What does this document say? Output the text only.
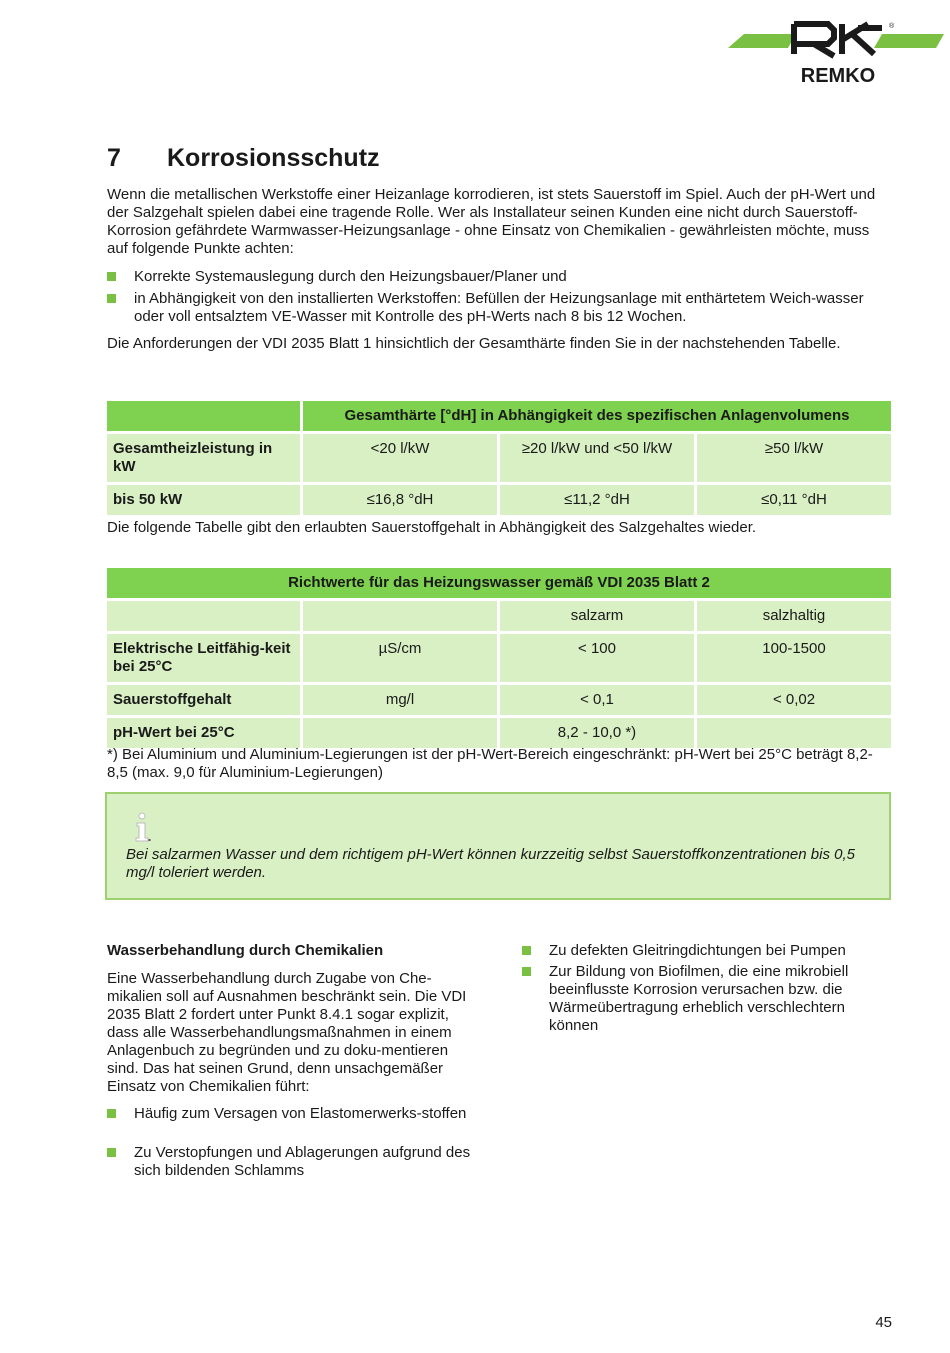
REMKO
®
7 Korrosionsschutz
Wenn die metallischen Werkstoffe einer Heizanlage korrodieren, ist stets Sauerstoff im Spiel. Auch der pH-Wert und der Salzgehalt spielen dabei eine tragende Rolle. Wer als Installateur seinen Kunden eine nicht durch Sauerstoff-Korrosion gefährdete Warmwasser-Heizungsanlage - ohne Einsatz von Chemikalien - gewährleisten möchte, muss auf folgende Punkte achten:
Korrekte Systemauslegung durch den Heizungsbauer/Planer und
in Abhängigkeit von den installierten Werkstoffen: Befüllen der Heizungsanlage mit enthärtetem Weich-wasser oder voll entsalztem VE-Wasser mit Kontrolle des pH-Werts nach 8 bis 12 Wochen.
Die Anforderungen der VDI 2035 Blatt 1 hinsichtlich der Gesamthärte finden Sie in der nachstehenden Tabelle.
	Gesamthärte [°dH] in Abhängigkeit des spezifischen Anlagenvolumens		
Gesamtheizleistung in kW	<20 l/kW	≥20 l/kW und <50 l/kW	≥50 l/kW
bis 50 kW	≤16,8 °dH	≤11,2 °dH	≤0,11 °dH
Die folgende Tabelle gibt den erlaubten Sauerstoffgehalt in Abhängigkeit des Salzgehaltes wieder.
Richtwerte für das Heizungswasser gemäß VDI 2035 Blatt 2			
		salzarm	salzhaltig
Elektrische Leitfähig-keit bei 25°C	µS/cm	< 100	100-1500
Sauerstoffgehalt	mg/l	< 0,1	< 0,02
pH-Wert bei 25°C		8,2 - 10,0 *)	
*) Bei Aluminium und Aluminium-Legierungen ist der pH-Wert-Bereich eingeschränkt: pH-Wert bei 25°C beträgt 8,2-8,5 (max. 9,0 für Aluminium-Legierungen)
Bei salzarmen Wasser und dem richtigem pH-Wert können kurzzeitig selbst Sauerstoffkonzentrationen bis 0,5 mg/l toleriert werden.
Wasserbehandlung durch Chemikalien
Eine Wasserbehandlung durch Zugabe von Che-mikalien soll auf Ausnahmen beschränkt sein. Die VDI 2035 Blatt 2 fordert unter Punkt 8.4.1 sogar explizit, dass alle Wasserbehandlungsmaßnahmen in einem Anlagenbuch zu begründen und zu doku-mentieren sind. Das hat seinen Grund, denn unsachgemäßer Einsatz von Chemikalien führt:
Häufig zum Versagen von Elastomerwerks-stoffen
Zu Verstopfungen und Ablagerungen aufgrund des sich bildenden Schlamms
Zu defekten Gleitringdichtungen bei Pumpen
Zur Bildung von Biofilmen, die eine mikrobiell beeinflusste Korrosion verursachen bzw. die Wärmeübertragung erheblich verschlechtern können
45
